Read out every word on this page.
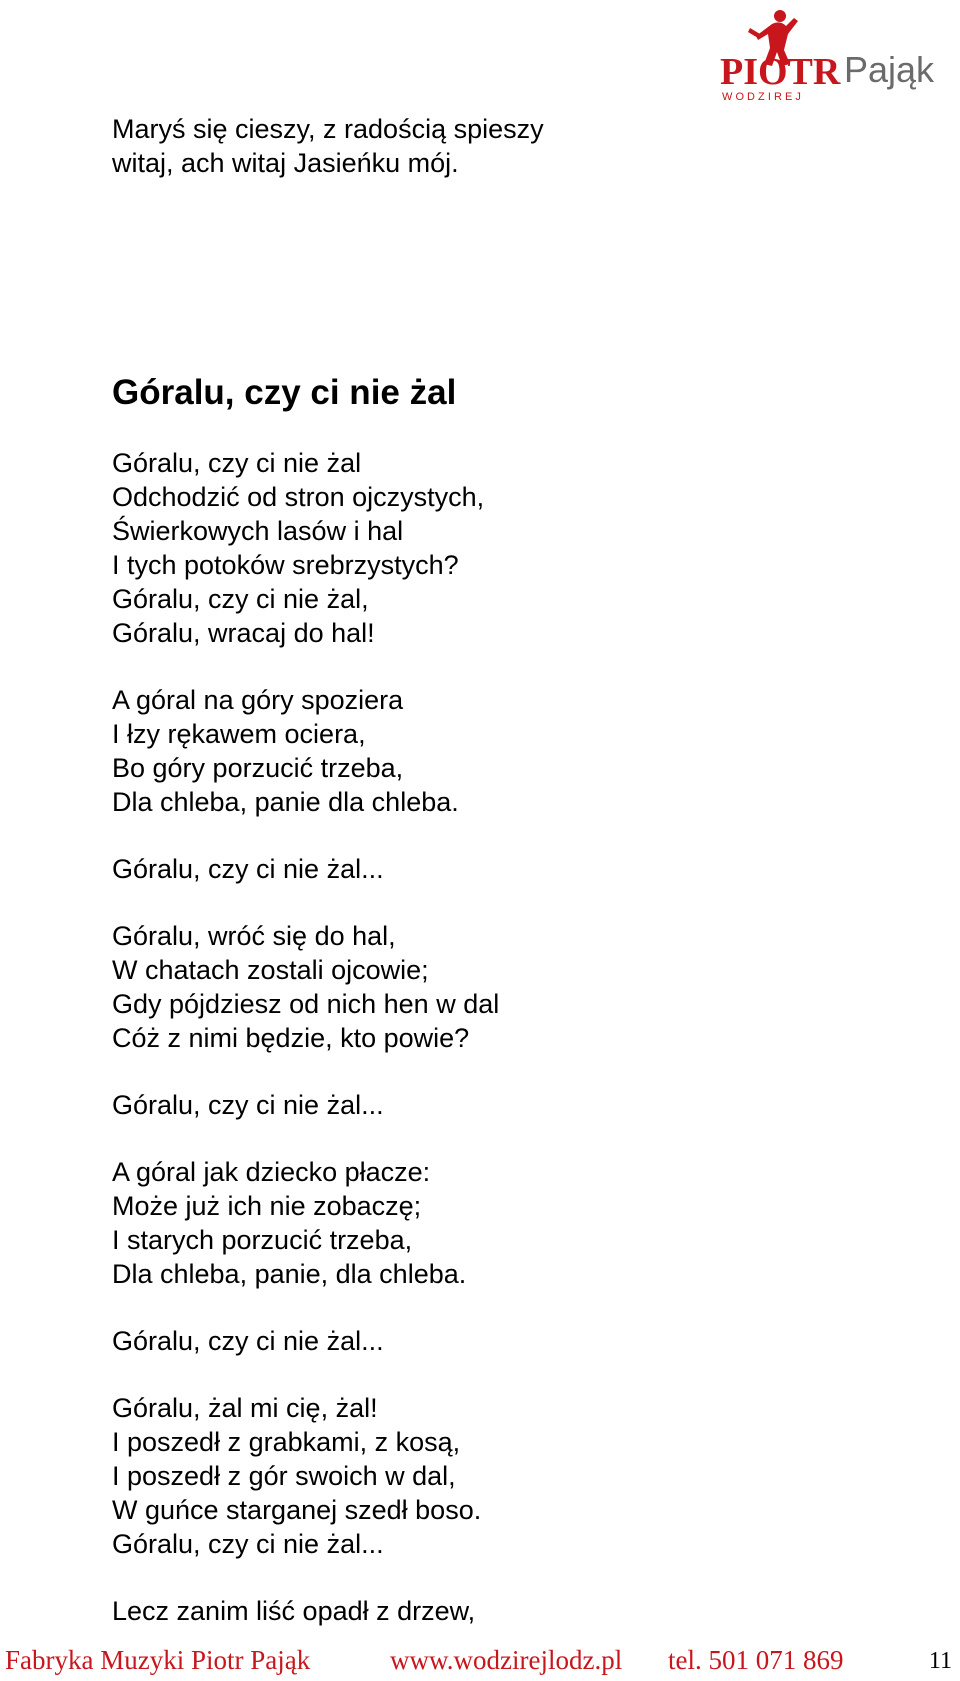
PIOTR Pająk
W O D Z I R E J
Maryś się cieszy, z radością spieszy
witaj, ach witaj Jasieńku mój.
Góralu, czy ci nie żal
Góralu, czy ci nie żal
Odchodzić od stron ojczystych,
Świerkowych lasów i hal
I tych potoków srebrzystych?
Góralu, czy ci nie żal,
Góralu, wracaj do hal!
A góral na góry spoziera
I łzy rękawem ociera,
Bo góry porzucić trzeba,
Dla chleba, panie dla chleba.
Góralu, czy ci nie żal...
Góralu, wróć się do hal,
W chatach zostali ojcowie;
Gdy pójdziesz od nich hen w dal
Cóż z nimi będzie, kto powie?
Góralu, czy ci nie żal...
A góral jak dziecko płacze:
Może już ich nie zobaczę;
I starych porzucić trzeba,
Dla chleba, panie, dla chleba.
Góralu, czy ci nie żal...
Góralu, żal mi cię, żal!
I poszedł z grabkami, z kosą,
I poszedł z gór swoich w dal,
W guńce starganej szedł boso.
Góralu, czy ci nie żal...
Lecz zanim liść opadł z drzew,
Fabryka Muzyki Piotr Pająk	www.wodzirejlodz.pl tel. 501 071 869	11
